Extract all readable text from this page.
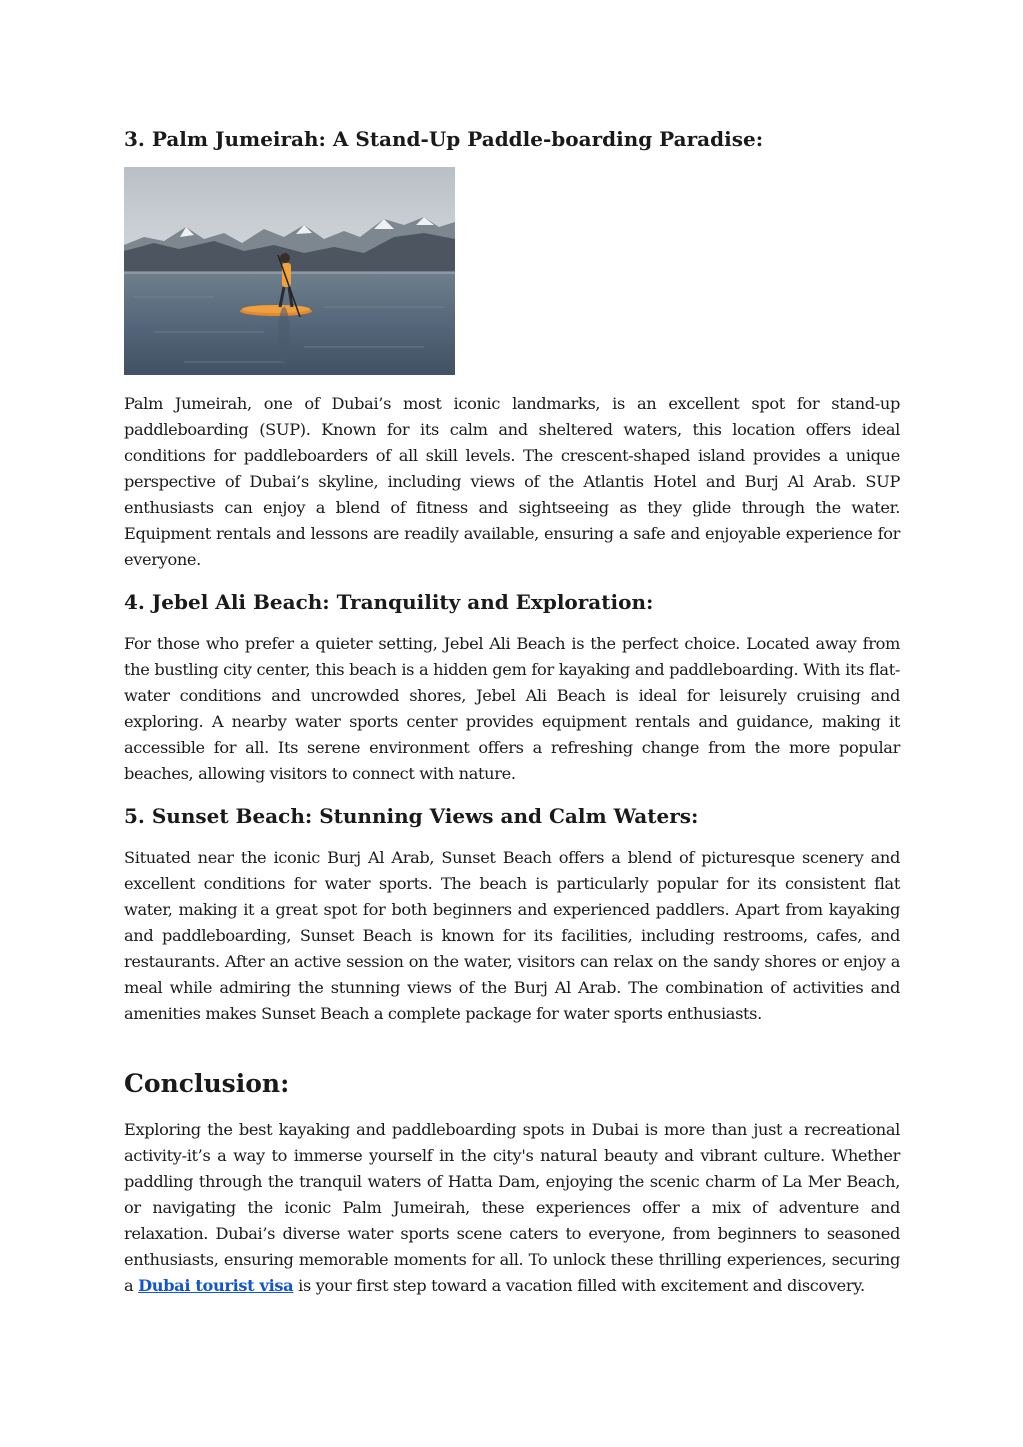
3. Palm Jumeirah: A Stand-Up Paddle-boarding Paradise:

Palm Jumeirah, one of Dubai’s most iconic landmarks, is an excellent spot for stand-up paddleboarding (SUP). Known for its calm and sheltered waters, this location offers ideal conditions for paddleboarders of all skill levels. The crescent-shaped island provides a unique perspective of Dubai’s skyline, including views of the Atlantis Hotel and Burj Al Arab. SUP enthusiasts can enjoy a blend of fitness and sightseeing as they glide through the water. Equipment rentals and lessons are readily available, ensuring a safe and enjoyable experience for everyone.

4. Jebel Ali Beach: Tranquility and Exploration:

For those who prefer a quieter setting, Jebel Ali Beach is the perfect choice. Located away from the bustling city center, this beach is a hidden gem for kayaking and paddleboarding. With its flat-water conditions and uncrowded shores, Jebel Ali Beach is ideal for leisurely cruising and exploring. A nearby water sports center provides equipment rentals and guidance, making it accessible for all. Its serene environment offers a refreshing change from the more popular beaches, allowing visitors to connect with nature.

5. Sunset Beach: Stunning Views and Calm Waters:

Situated near the iconic Burj Al Arab, Sunset Beach offers a blend of picturesque scenery and excellent conditions for water sports. The beach is particularly popular for its consistent flat water, making it a great spot for both beginners and experienced paddlers. Apart from kayaking and paddleboarding, Sunset Beach is known for its facilities, including restrooms, cafes, and restaurants. After an active session on the water, visitors can relax on the sandy shores or enjoy a meal while admiring the stunning views of the Burj Al Arab. The combination of activities and amenities makes Sunset Beach a complete package for water sports enthusiasts.

Conclusion:

Exploring the best kayaking and paddleboarding spots in Dubai is more than just a recreational activity-it’s a way to immerse yourself in the city's natural beauty and vibrant culture. Whether paddling through the tranquil waters of Hatta Dam, enjoying the scenic charm of La Mer Beach, or navigating the iconic Palm Jumeirah, these experiences offer a mix of adventure and relaxation. Dubai’s diverse water sports scene caters to everyone, from beginners to seasoned enthusiasts, ensuring memorable moments for all. To unlock these thrilling experiences, securing a Dubai tourist visa is your first step toward a vacation filled with excitement and discovery.
